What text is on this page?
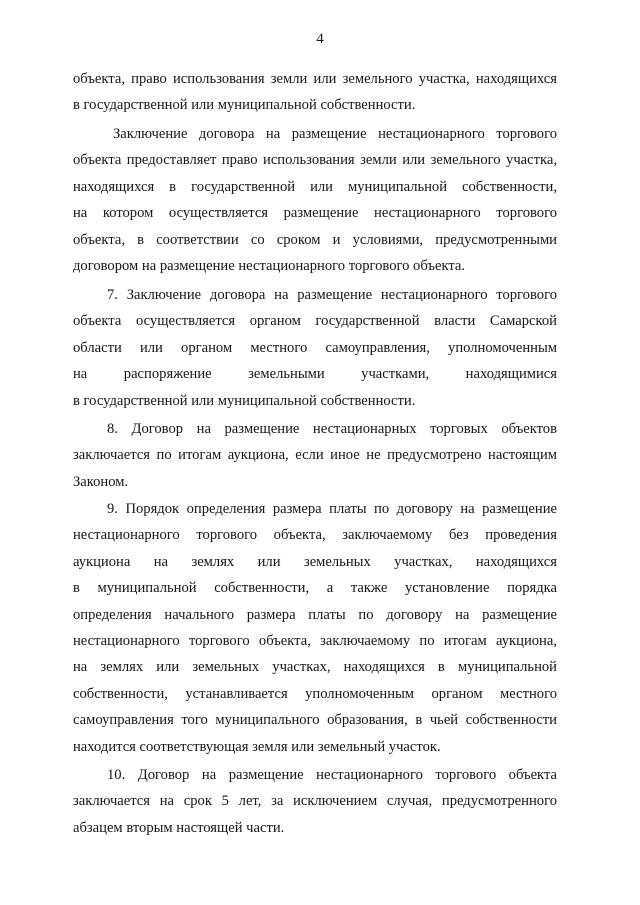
4
объекта, право использования земли или земельного участка, находящихся
в государственной или муниципальной собственности.
Заключение договора на размещение нестационарного торгового
объекта предоставляет право использования земли или земельного участка,
находящихся в государственной или муниципальной собственности,
на котором осуществляется размещение нестационарного торгового
объекта, в соответствии со сроком и условиями, предусмотренными
договором на размещение нестационарного торгового объекта.
7. Заключение договора на размещение нестационарного торгового
объекта осуществляется органом государственной власти Самарской
области или органом местного самоуправления, уполномоченным
на распоряжение земельными участками, находящимися
в государственной или муниципальной собственности.
8. Договор на размещение нестационарных торговых объектов
заключается по итогам аукциона, если иное не предусмотрено настоящим
Законом.
9. Порядок определения размера платы по договору на размещение
нестационарного торгового объекта, заключаемому без проведения
аукциона на землях или земельных участках, находящихся
в муниципальной собственности, а также установление порядка
определения начального размера платы по договору на размещение
нестационарного торгового объекта, заключаемому по итогам аукциона,
на землях или земельных участках, находящихся в муниципальной
собственности, устанавливается уполномоченным органом местного
самоуправления того муниципального образования, в чьей собственности
находится соответствующая земля или земельный участок.
10. Договор на размещение нестационарного торгового объекта
заключается на срок 5 лет, за исключением случая, предусмотренного
абзацем вторым настоящей части.
